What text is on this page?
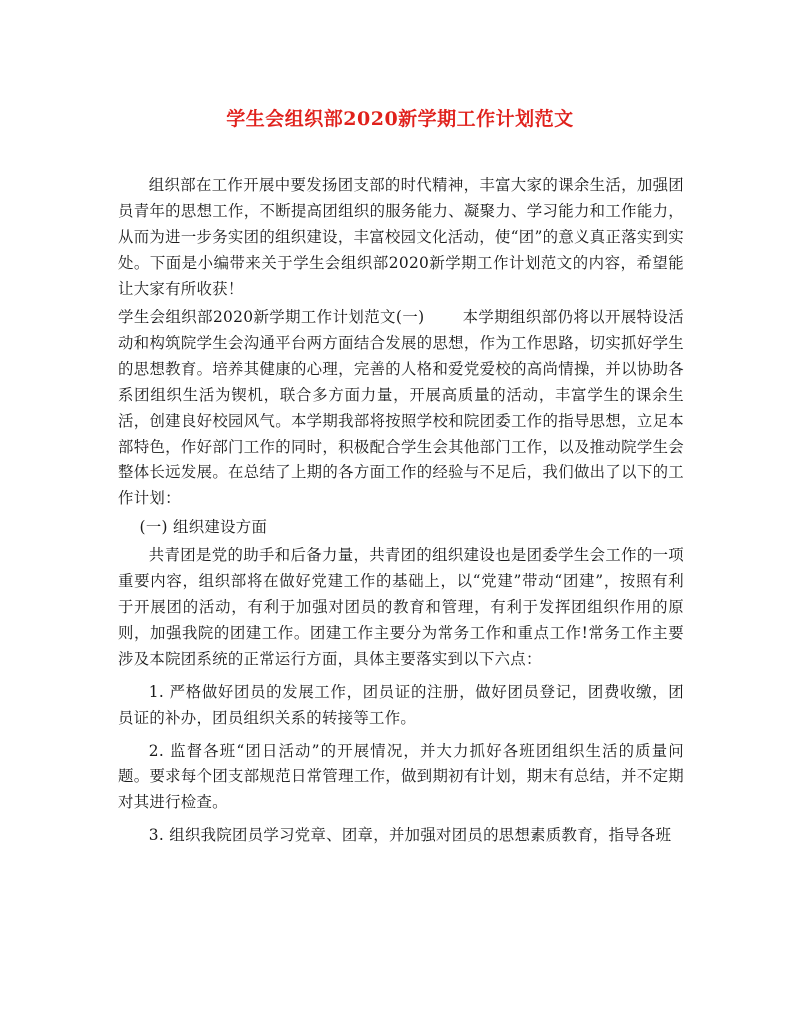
学生会组织部2020新学期工作计划范文

组织部在工作开展中要发扬团支部的时代精神，丰富大家的课余生活，加强团员青年的思想工作，不断提高团组织的服务能力、凝聚力、学习能力和工作能力，从而为进一步务实团的组织建设，丰富校园文化活动，使“团”的意义真正落实到实处。下面是小编带来关于学生会组织部2020新学期工作计划范文的内容，希望能让大家有所收获！

学生会组织部2020新学期工作计划范文(一) 本学期组织部仍将以开展特设活动和构筑院学生会沟通平台两方面结合发展的思想，作为工作思路，切实抓好学生的思想教育。培养其健康的心理，完善的人格和爱党爱校的高尚情操，并以协助各系团组织生活为锲机，联合多方面力量，开展高质量的活动，丰富学生的课余生活，创建良好校园风气。本学期我部将按照学校和院团委工作的指导思想，立足本部特色，作好部门工作的同时，积极配合学生会其他部门工作，以及推动院学生会整体长远发展。在总结了上期的各方面工作的经验与不足后，我们做出了以下的工作计划：

(一) 组织建设方面

共青团是党的助手和后备力量，共青团的组织建设也是团委学生会工作的一项重要内容，组织部将在做好党建工作的基础上，以“党建”带动“团建”，按照有利于开展团的活动，有利于加强对团员的教育和管理，有利于发挥团组织作用的原则，加强我院的团建工作。团建工作主要分为常务工作和重点工作!常务工作主要涉及本院团系统的正常运行方面，具体主要落实到以下六点：

1. 严格做好团员的发展工作，团员证的注册，做好团员登记，团费收缴，团员证的补办，团员组织关系的转接等工作。

2. 监督各班“团日活动”的开展情况，并大力抓好各班团组织生活的质量问题。要求每个团支部规范日常管理工作，做到期初有计划，期末有总结，并不定期对其进行检查。

3. 组织我院团员学习党章、团章，并加强对团员的思想素质教育，指导各班
